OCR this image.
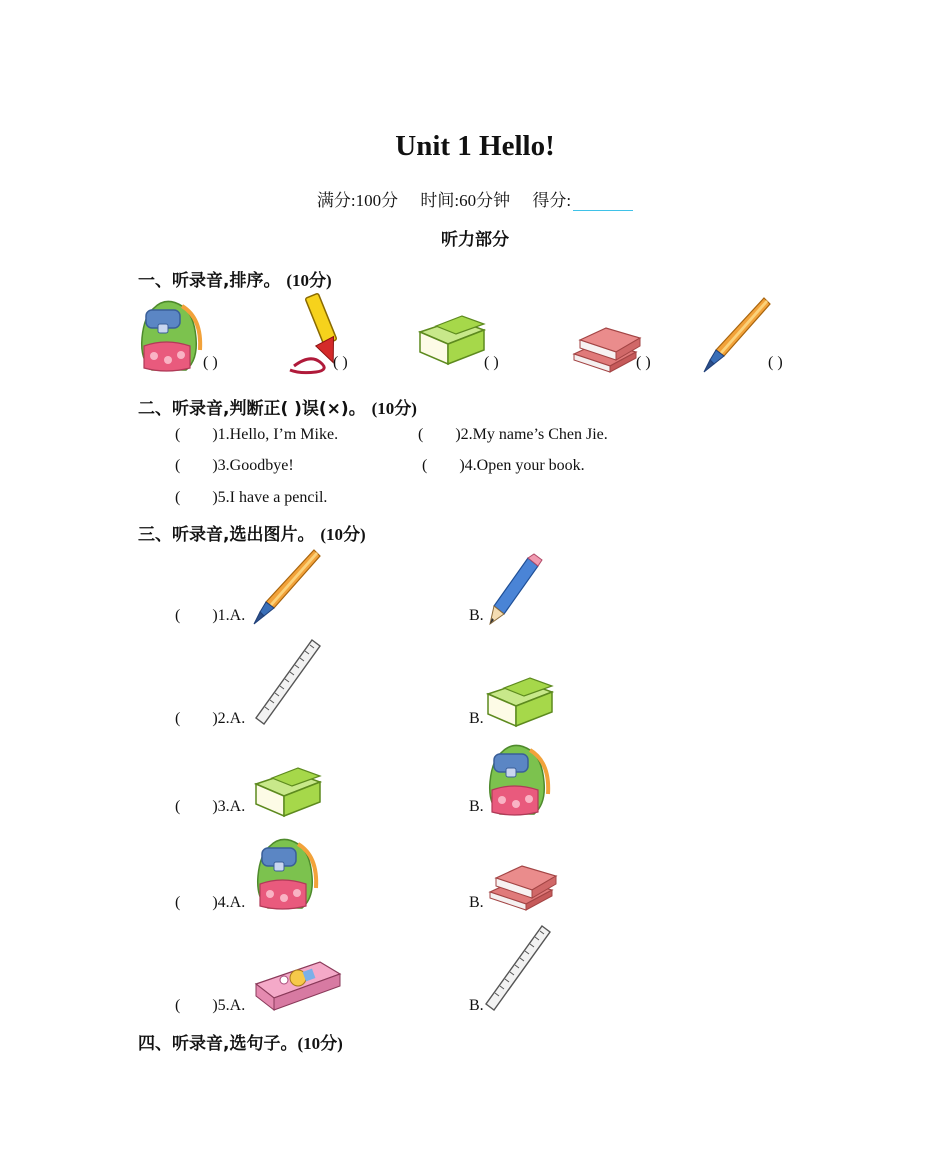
Unit 1 Hello!
满分:100分 时间:60分钟 得分:
听力部分
一、听录音,排序。 (10分)
( )	( )	( )	( )	( )
二、听录音,判断正( )误(×)。 (10分)
(        )1.Hello, I’m Mike.	(        )2.My name’s Chen Jie.
(        )3.Goodbye!	(        )4.Open your book.
(        )5.I have a pencil.
三、听录音,选出图片。 (10分)
(        )1.A.	B.
(        )2.A.	B.
(        )3.A.	B.
(        )4.A.	B.
(        )5.A.	B.
四、听录音,选句子。(10分)
